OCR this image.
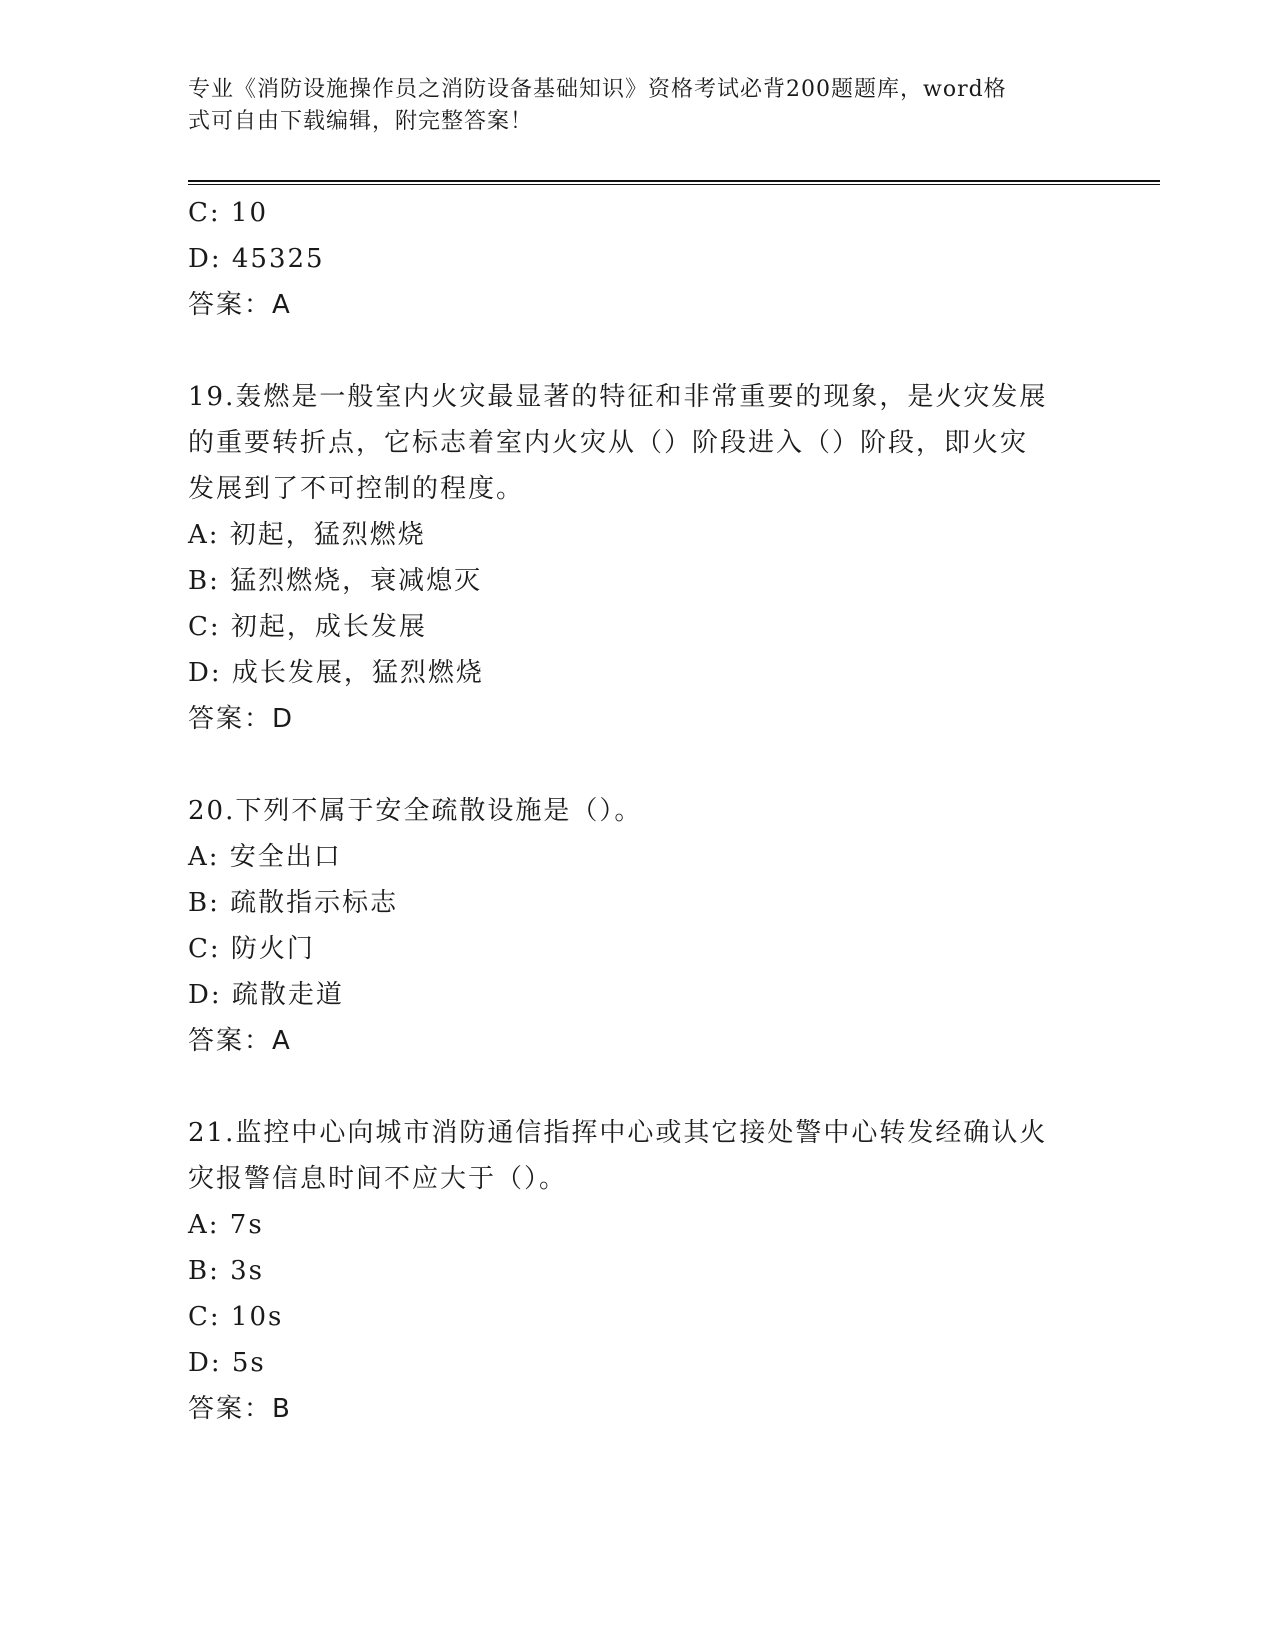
专业《消防设施操作员之消防设备基础知识》资格考试必背200题题库，word格
式可自由下载编辑，附完整答案！
C: 10
D: 45325
答案：A
19.轰燃是一般室内火灾最显著的特征和非常重要的现象，是火灾发展
的重要转折点，它标志着室内火灾从（）阶段进入（）阶段，即火灾
发展到了不可控制的程度。
A: 初起，猛烈燃烧
B: 猛烈燃烧，衰减熄灭
C: 初起，成长发展
D: 成长发展，猛烈燃烧
答案：D
20.下列不属于安全疏散设施是（）。
A: 安全出口
B: 疏散指示标志
C: 防火门
D: 疏散走道
答案：A
21.监控中心向城市消防通信指挥中心或其它接处警中心转发经确认火
灾报警信息时间不应大于（）。
A: 7s
B: 3s
C: 10s
D: 5s
答案：B
